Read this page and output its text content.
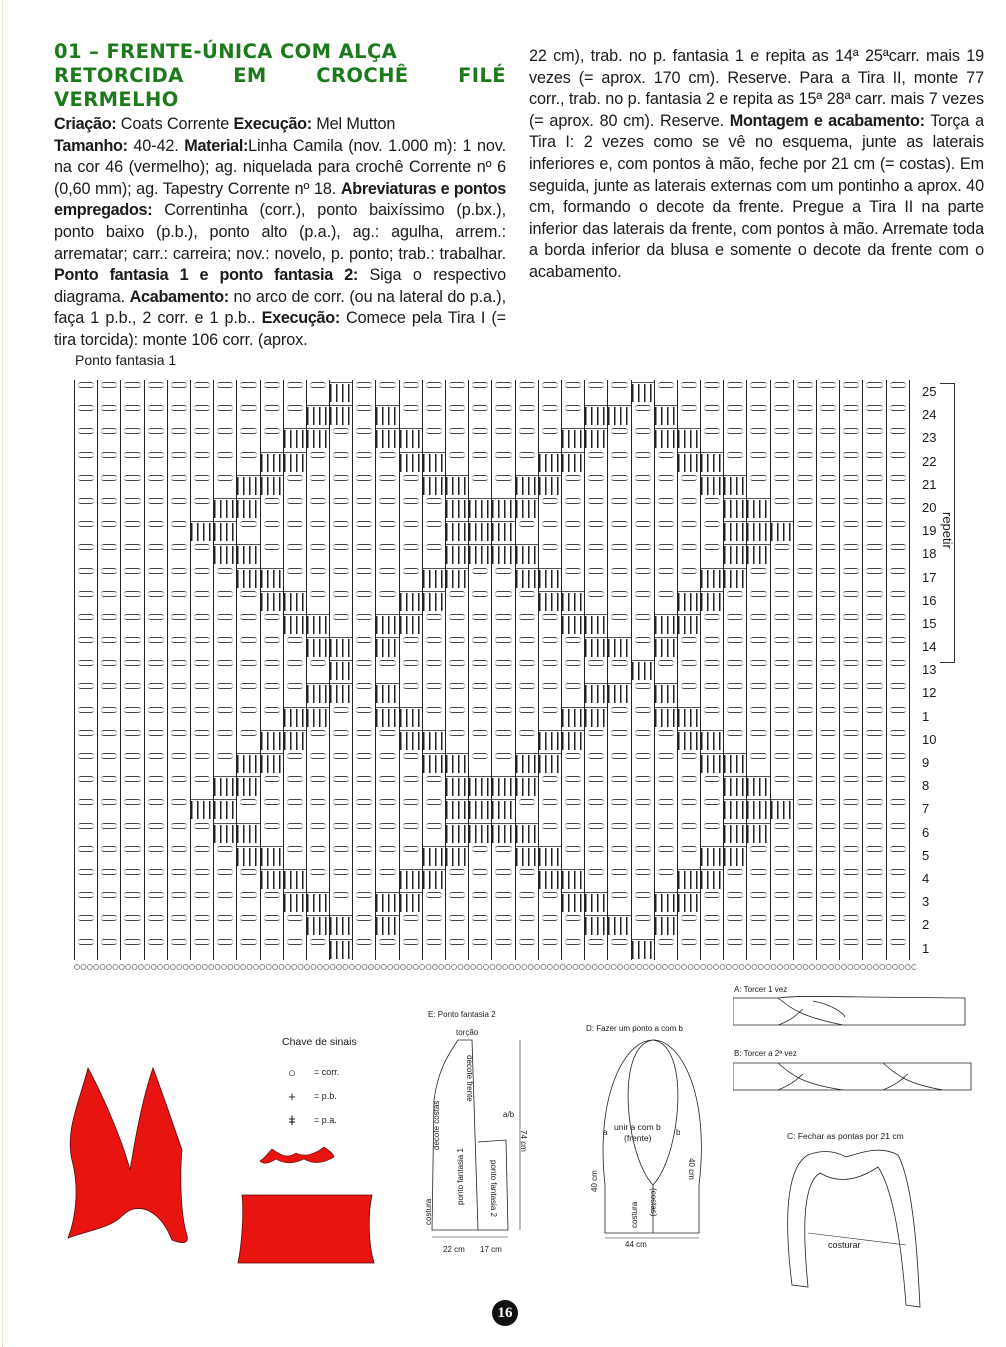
01 – FRENTE-ÚNICA COM ALÇA
RETORCIDA EM CROCHÊ FILÉ VERMELHO
Criação: Coats Corrente Execução: Mel Mutton
Tamanho: 40-42. Material:Linha Camila (nov. 1.000 m): 1 nov. na cor 46 (vermelho); ag. niquelada para crochê Corrente nº 6 (0,60 mm); ag. Tapestry Corrente nº 18. Abreviaturas e pontos empregados: Correntinha (corr.), ponto baixíssimo (p.bx.), ponto baixo (p.b.), ponto alto (p.a.), ag.: agulha, arrem.: arrematar; carr.: carreira; nov.: novelo, p. ponto; trab.: trabalhar. Ponto fantasia 1 e ponto fantasia 2: Siga o respectivo diagrama. Acabamento: no arco de corr. (ou na lateral do p.a.), faça 1 p.b., 2 corr. e 1 p.b.. Execução: Comece pela Tira I (= tira torcida): monte 106 corr. (aprox.
22 cm), trab. no p. fantasia 1 e repita as 14ª 25ªcarr. mais 19 vezes (= aprox. 170 cm). Reserve. Para a Tira II, monte 77 corr., trab. no p. fantasia 2 e repita as 15ª 28ª carr. mais 7 vezes (= aprox. 80 cm). Reserve. Montagem e acabamento: Torça a Tira I: 2 vezes como se vê no esquema, junte as laterais inferiores e, com pontos à mão, feche por 21 cm (= costas). Em seguida, junte as laterais externas com um pontinho a aprox. 40 cm, formando o decote da frente. Pregue a Tira II na parte inferior das laterais da frente, com pontos à mão. Arremate toda a borda inferior da blusa e somente o decote da frente com o acabamento.
Ponto fantasia 1
25
24
23
22
21
20
19
18
17
16
15
14
13
12
1
10
9
8
7
6
5
4
3
2
1
repetir
Chave de sinais
○	= corr.
+	= p.b.
ǂ	= p.a.
E: Ponto fantasia 2
torção
decote frente
decote costas	a/b
74 cm
ponto fantasia 1	ponto fantasia 2
costura
22 cm 17 cm
D: Fazer um ponto a com b
a	b
unir a com b
(frente)
40 cm
40 cm
costura (costas)
44 cm
A: Torcer 1 vez
B: Torcer a 2ª vez
C: Fechar as pontas por 21 cm
costurar
16
